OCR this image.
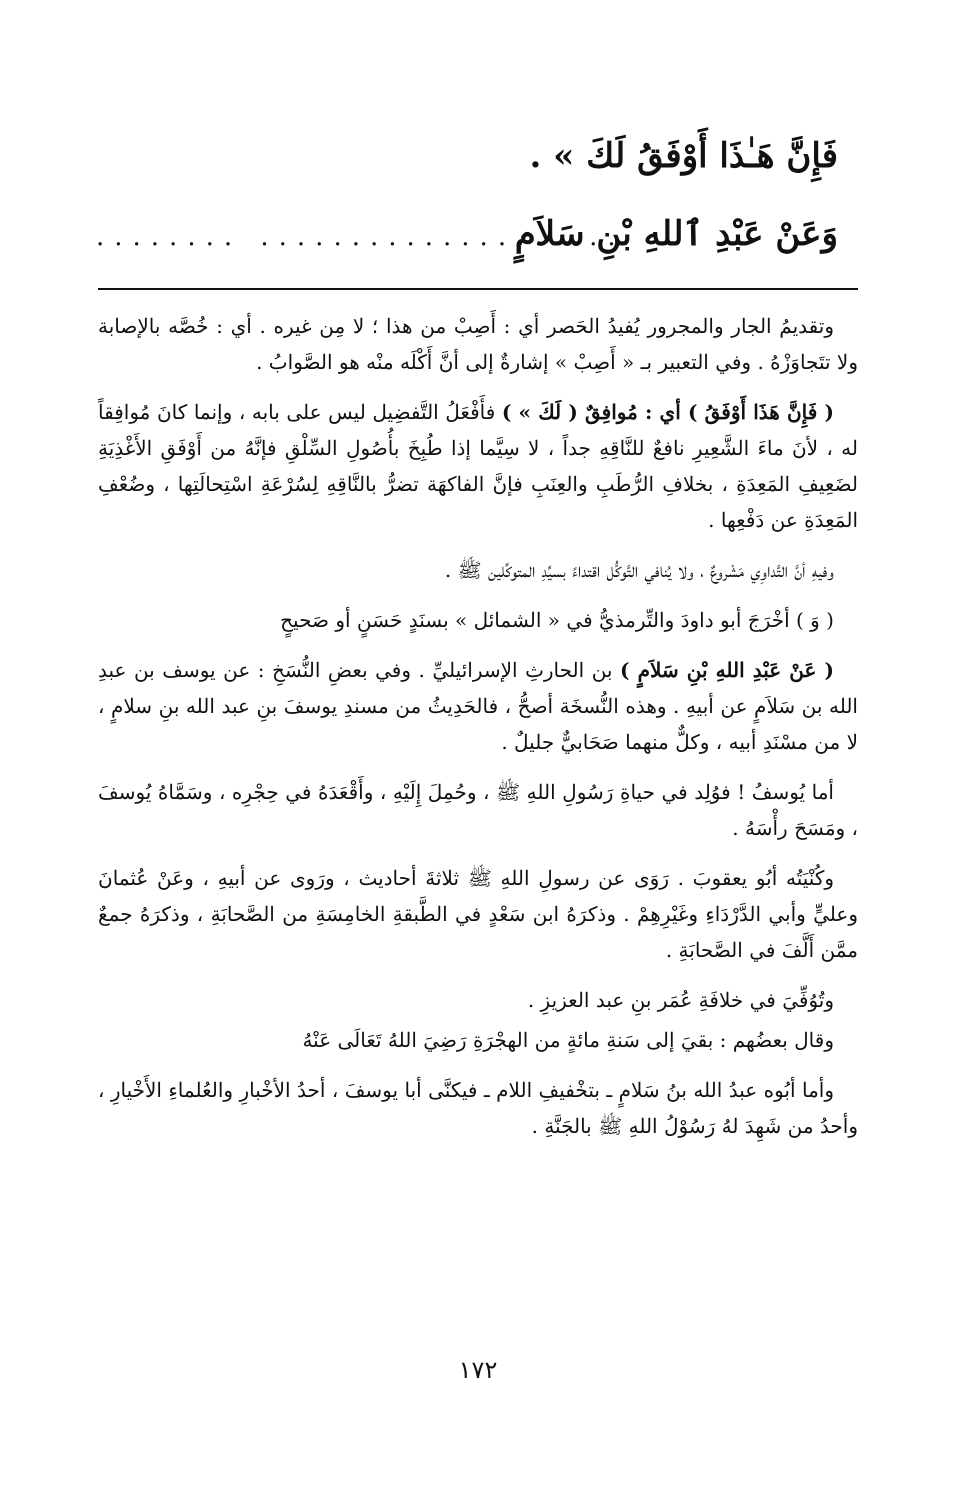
فَإِنَّ هَـٰذَا أَوْفَقُ لَكَ » .
وَعَنْ عَبْدِ ٱللهِ بْنِ سَلاَمٍ
........ ....................

وتقديمُ الجار والمجرور يُفيدُ الحَصر أي : أَصِبْ من هذا ؛ لا مِن غيره . أي : خُصَّه بالإصابة ولا تتَجاوَزْهُ . وفي التعبير بـ « أَصِبْ » إشارةٌ إلى أنَّ أَكْلَه منْه هو الصَّوابُ .

( فَإِنَّ هَذَا أَوْفَقُ ) أي : مُوافِقٌ ( لَكَ » ) فأَفْعَلُ التَّفضِيل ليس على بابه ، وإنما كانَ مُوافِقاً له ، لأنَ ماءَ الشَّعِيرِ نافعٌ للنَّاقِهِ جداً ، لا سِيَّما إذا طُبِخَ بأُصُولِ السِّلْقِ فإنَّهُ من أَوْفَقِ الأَغْذِيَةِ لضَعِيفِ المَعِدَةِ ، بخلافِ الرُّطَبِ والعِنَبِ فإنَّ الفاكهَة تضرُّ بالنَّاقِهِ لِسُرْعَةِ اسْتِحالَتِها ، وضُعْفِ المَعِدَةِ عن دَفْعِها .

وفيهِ أنَّ التَّداوِي مَشْروعٌ ، ولا يُنافي التَّوكُّل اقتداءً بسيِّدِ المتوكِّلين ﷺ .

( وَ ) أخْرَجَ أبو داودَ والتِّرمذيُّ في « الشمائل » بسنَدٍ حَسَنٍ أو صَحيحٍ

( عَنْ عَبْدِ اللهِ بْنِ سَلاَمٍ ) بن الحارثِ الإسرائيليِّ . وفي بعضِ النُّسَخِ : عن يوسف بن عبدِ الله بن سَلاَمٍ عن أبيهِ . وهذه النُّسخَة أصحُّ ، فالحَدِيثُ من مسندِ يوسفَ بنِ عبد الله بنِ سلامٍ ، لا من مسْنَدِ أبيه ، وكلٌّ منهما صَحَابيٌّ جليلٌ .

أما يُوسفُ ! فوُلِد في حياةِ رَسُولِ اللهِ ﷺ ، وحُمِلَ إِلَيْهِ ، وأَقْعَدَهُ في حِجْرِه ، وسَمَّاهُ يُوسفَ ، ومَسَحَ رأْسَهُ .

وكُنْيَتُه أبُو يعقوبَ . رَوَى عن رسولِ اللهِ ﷺ ثلاثةَ أحاديث ، ورَوى عن أبيهِ ، وعَنْ عُثمانَ وعليٍّ وأبي الدَّرْدَاءِ وغَيْرِهِمْ . وذكرَهُ ابن سَعْدٍ في الطَّبقةِ الخامِسَةِ من الصَّحابَةِ ، وذكرَهُ جمعٌ ممَّن أَلَّفَ في الصَّحابَةِ .

وتُوُفِّيَ في خلافَةِ عُمَر بنِ عبد العزيزِ .

وقال بعضُهم : بقيَ إلى سَنةِ مائةٍ من الهجْرَةِ رَضِيَ اللهُ تَعَالَى عَنْهُ

وأما أبُوه عبدُ الله بنُ سَلامٍ ـ بتخْفيفِ اللام ـ فيكنَّى أبا يوسفَ ، أحدُ الأخْبارِ والعُلماءِ الأَخْيارِ ، وأحدُ من شَهِدَ لهُ رَسُوْلُ اللهِ ﷺ بالجَنَّةِ .

١٧٢
